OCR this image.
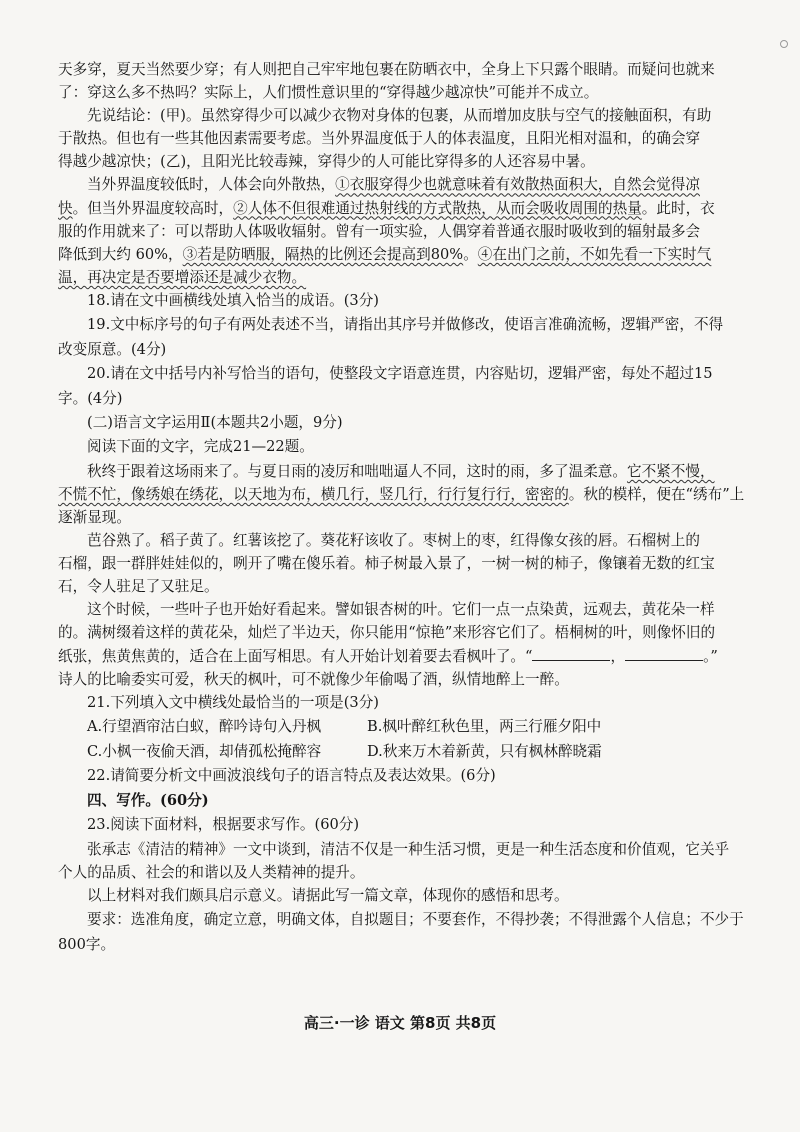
天多穿，夏天当然要少穿；有人则把自己牢牢地包裹在防晒衣中，全身上下只露个眼睛。而疑问也就来
了：穿这么多不热吗？实际上，人们惯性意识里的“穿得越少越凉快”可能并不成立。
先说结论：(甲)。虽然穿得少可以减少衣物对身体的包裹，从而增加皮肤与空气的接触面积，有助
于散热。但也有一些其他因素需要考虑。当外界温度低于人的体表温度，且阳光相对温和，的确会穿
得越少越凉快；(乙)，且阳光比较毒辣，穿得少的人可能比穿得多的人还容易中暑。
当外界温度较低时，人体会向外散热，①衣服穿得少也就意味着有效散热面积大，自然会觉得凉
快。但当外界温度较高时，②人体不但很难通过热射线的方式散热，从而会吸收周围的热量。此时，衣
服的作用就来了：可以帮助人体吸收辐射。曾有一项实验，人偶穿着普通衣服时吸收到的辐射最多会
降低到大约 60%，③若是防晒服，隔热的比例还会提高到80%。④在出门之前，不如先看一下实时气
温，再决定是否要增添还是减少衣物。
18.请在文中画横线处填入恰当的成语。(3分)
19.文中标序号的句子有两处表述不当，请指出其序号并做修改，使语言准确流畅，逻辑严密，不得
改变原意。(4分)
20.请在文中括号内补写恰当的语句，使整段文字语意连贯，内容贴切，逻辑严密，每处不超过15
字。(4分)
(二)语言文字运用Ⅱ(本题共2小题，9分)
阅读下面的文字，完成21—22题。
秋终于跟着这场雨来了。与夏日雨的凌厉和咄咄逼人不同，这时的雨，多了温柔意。它不紧不慢，
不慌不忙，像绣娘在绣花，以天地为布，横几行，竖几行，行行复行行，密密的。秋的模样，便在“绣布”上
逐渐显现。
芭谷熟了。稻子黄了。红薯该挖了。葵花籽该收了。枣树上的枣，红得像女孩的唇。石榴树上的
石榴，跟一群胖娃娃似的，咧开了嘴在傻乐着。柿子树最入景了，一树一树的柿子，像镶着无数的红宝
石，令人驻足了又驻足。
这个时候，一些叶子也开始好看起来。譬如银杏树的叶。它们一点一点染黄，远观去，黄花朵一样
的。满树缀着这样的黄花朵，灿烂了半边天，你只能用“惊艳”来形容它们了。梧桐树的叶，则像怀旧的
纸张，焦黄焦黄的，适合在上面写相思。有人开始计划着要去看枫叶了。“	，	。”
诗人的比喻委实可爱，秋天的枫叶，可不就像少年偷喝了酒，纵情地醉上一醉。
21.下列填入文中横线处最恰当的一项是(3分)
A.行望酒帘沽白蚁，醉吟诗句入丹枫	B.枫叶醉红秋色里，两三行雁夕阳中
C.小枫一夜偷天酒，却倩孤松掩醉容	D.秋来万木着新黄，只有枫林醉晓霜
22.请简要分析文中画波浪线句子的语言特点及表达效果。(6分)
四、写作。(60分)
23.阅读下面材料，根据要求写作。(60分)
张承志《清洁的精神》一文中谈到，清洁不仅是一种生活习惯，更是一种生活态度和价值观，它关乎
个人的品质、社会的和谐以及人类精神的提升。
以上材料对我们颇具启示意义。请据此写一篇文章，体现你的感悟和思考。
要求：选准角度，确定立意，明确文体，自拟题目；不要套作，不得抄袭；不得泄露个人信息；不少于
800字。
高三·一诊 语文 第8页 共8页
